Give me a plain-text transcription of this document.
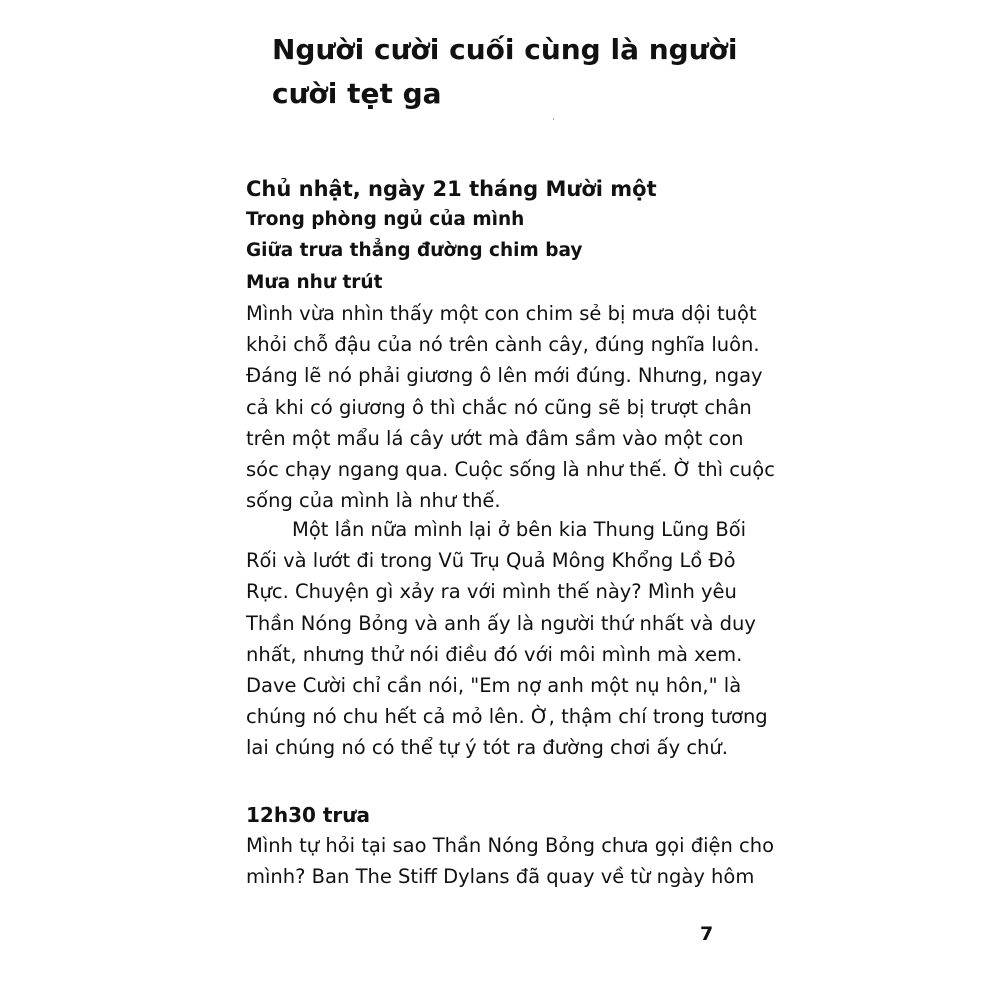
Người cười cuối cùng là người
cười tẹt ga
˙
Chủ nhật, ngày 21 tháng Mười một
Trong phòng ngủ của mình
Giữa trưa thẳng đường chim bay
Mưa như trút

Mình vừa nhìn thấy một con chim sẻ bị mưa dội tuột
khỏi chỗ đậu của nó trên cành cây, đúng nghĩa luôn.
Đáng lẽ nó phải giương ô lên mới đúng. Nhưng, ngay
cả khi có giương ô thì chắc nó cũng sẽ bị trượt chân
trên một mẩu lá cây ướt mà đâm sầm vào một con
sóc chạy ngang qua. Cuộc sống là như thế. Ờ thì cuộc
sống của mình là như thế.

Một lần nữa mình lại ở bên kia Thung Lũng Bối
Rối và lướt đi trong Vũ Trụ Quả Mông Khổng Lồ Đỏ
Rực. Chuyện gì xảy ra với mình thế này? Mình yêu
Thần Nóng Bỏng và anh ấy là người thứ nhất và duy
nhất, nhưng thử nói điều đó với môi mình mà xem.
Dave Cười chỉ cần nói, "Em nợ anh một nụ hôn," là
chúng nó chu hết cả mỏ lên. Ờ, thậm chí trong tương
lai chúng nó có thể tự ý tót ra đường chơi ấy chứ.

12h30 trưa

Mình tự hỏi tại sao Thần Nóng Bỏng chưa gọi điện cho
mình? Ban The Stiff Dylans đã quay về từ ngày hôm

7
